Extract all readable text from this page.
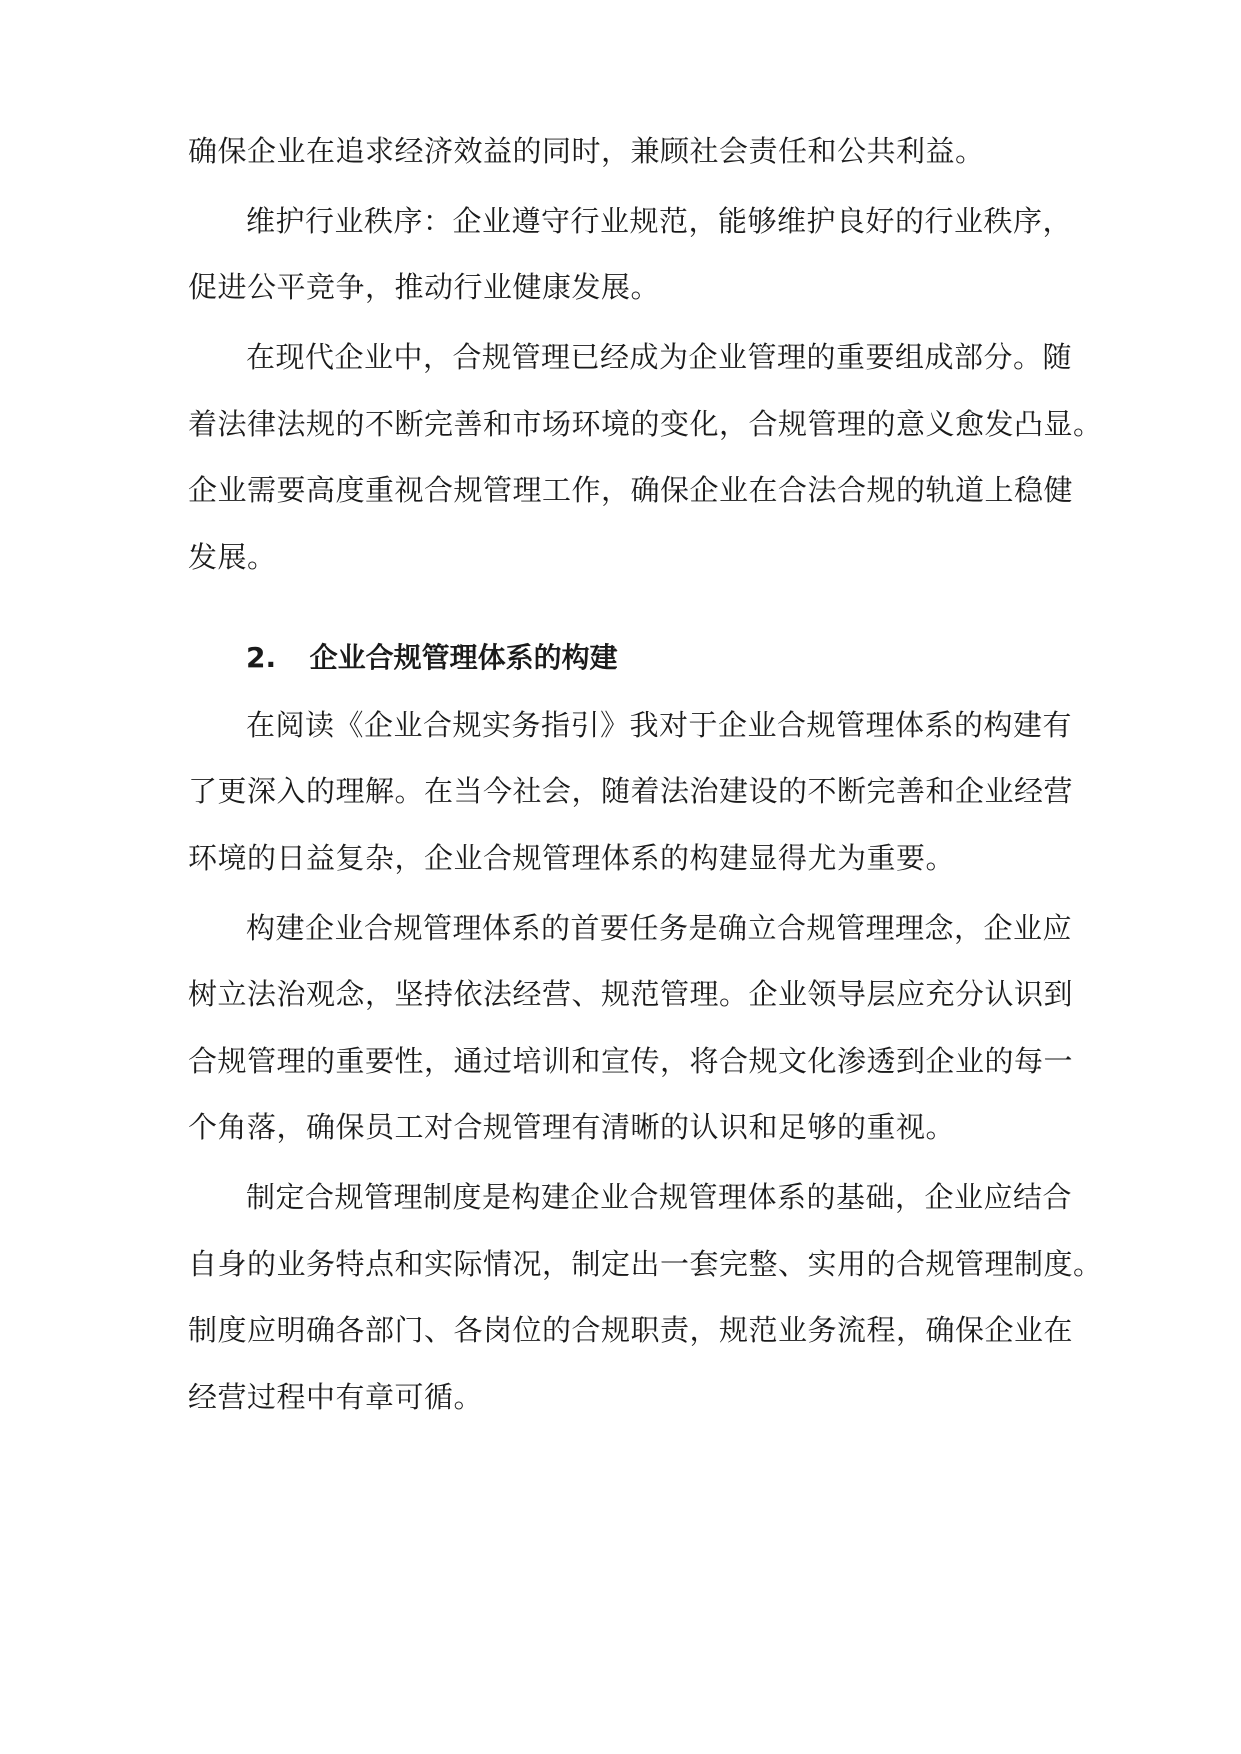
确保企业在追求经济效益的同时，兼顾社会责任和公共利益。
维护行业秩序：企业遵守行业规范，能够维护良好的行业秩序，
促进公平竞争，推动行业健康发展。
在现代企业中，合规管理已经成为企业管理的重要组成部分。随
着法律法规的不断完善和市场环境的变化，合规管理的意义愈发凸显。
企业需要高度重视合规管理工作，确保企业在合法合规的轨道上稳健
发展。
2. 企业合规管理体系的构建
在阅读《企业合规实务指引》我对于企业合规管理体系的构建有
了更深入的理解。在当今社会，随着法治建设的不断完善和企业经营
环境的日益复杂，企业合规管理体系的构建显得尤为重要。
构建企业合规管理体系的首要任务是确立合规管理理念，企业应
树立法治观念，坚持依法经营、规范管理。企业领导层应充分认识到
合规管理的重要性，通过培训和宣传，将合规文化渗透到企业的每一
个角落，确保员工对合规管理有清晰的认识和足够的重视。
制定合规管理制度是构建企业合规管理体系的基础，企业应结合
自身的业务特点和实际情况，制定出一套完整、实用的合规管理制度。
制度应明确各部门、各岗位的合规职责，规范业务流程，确保企业在
经营过程中有章可循。
